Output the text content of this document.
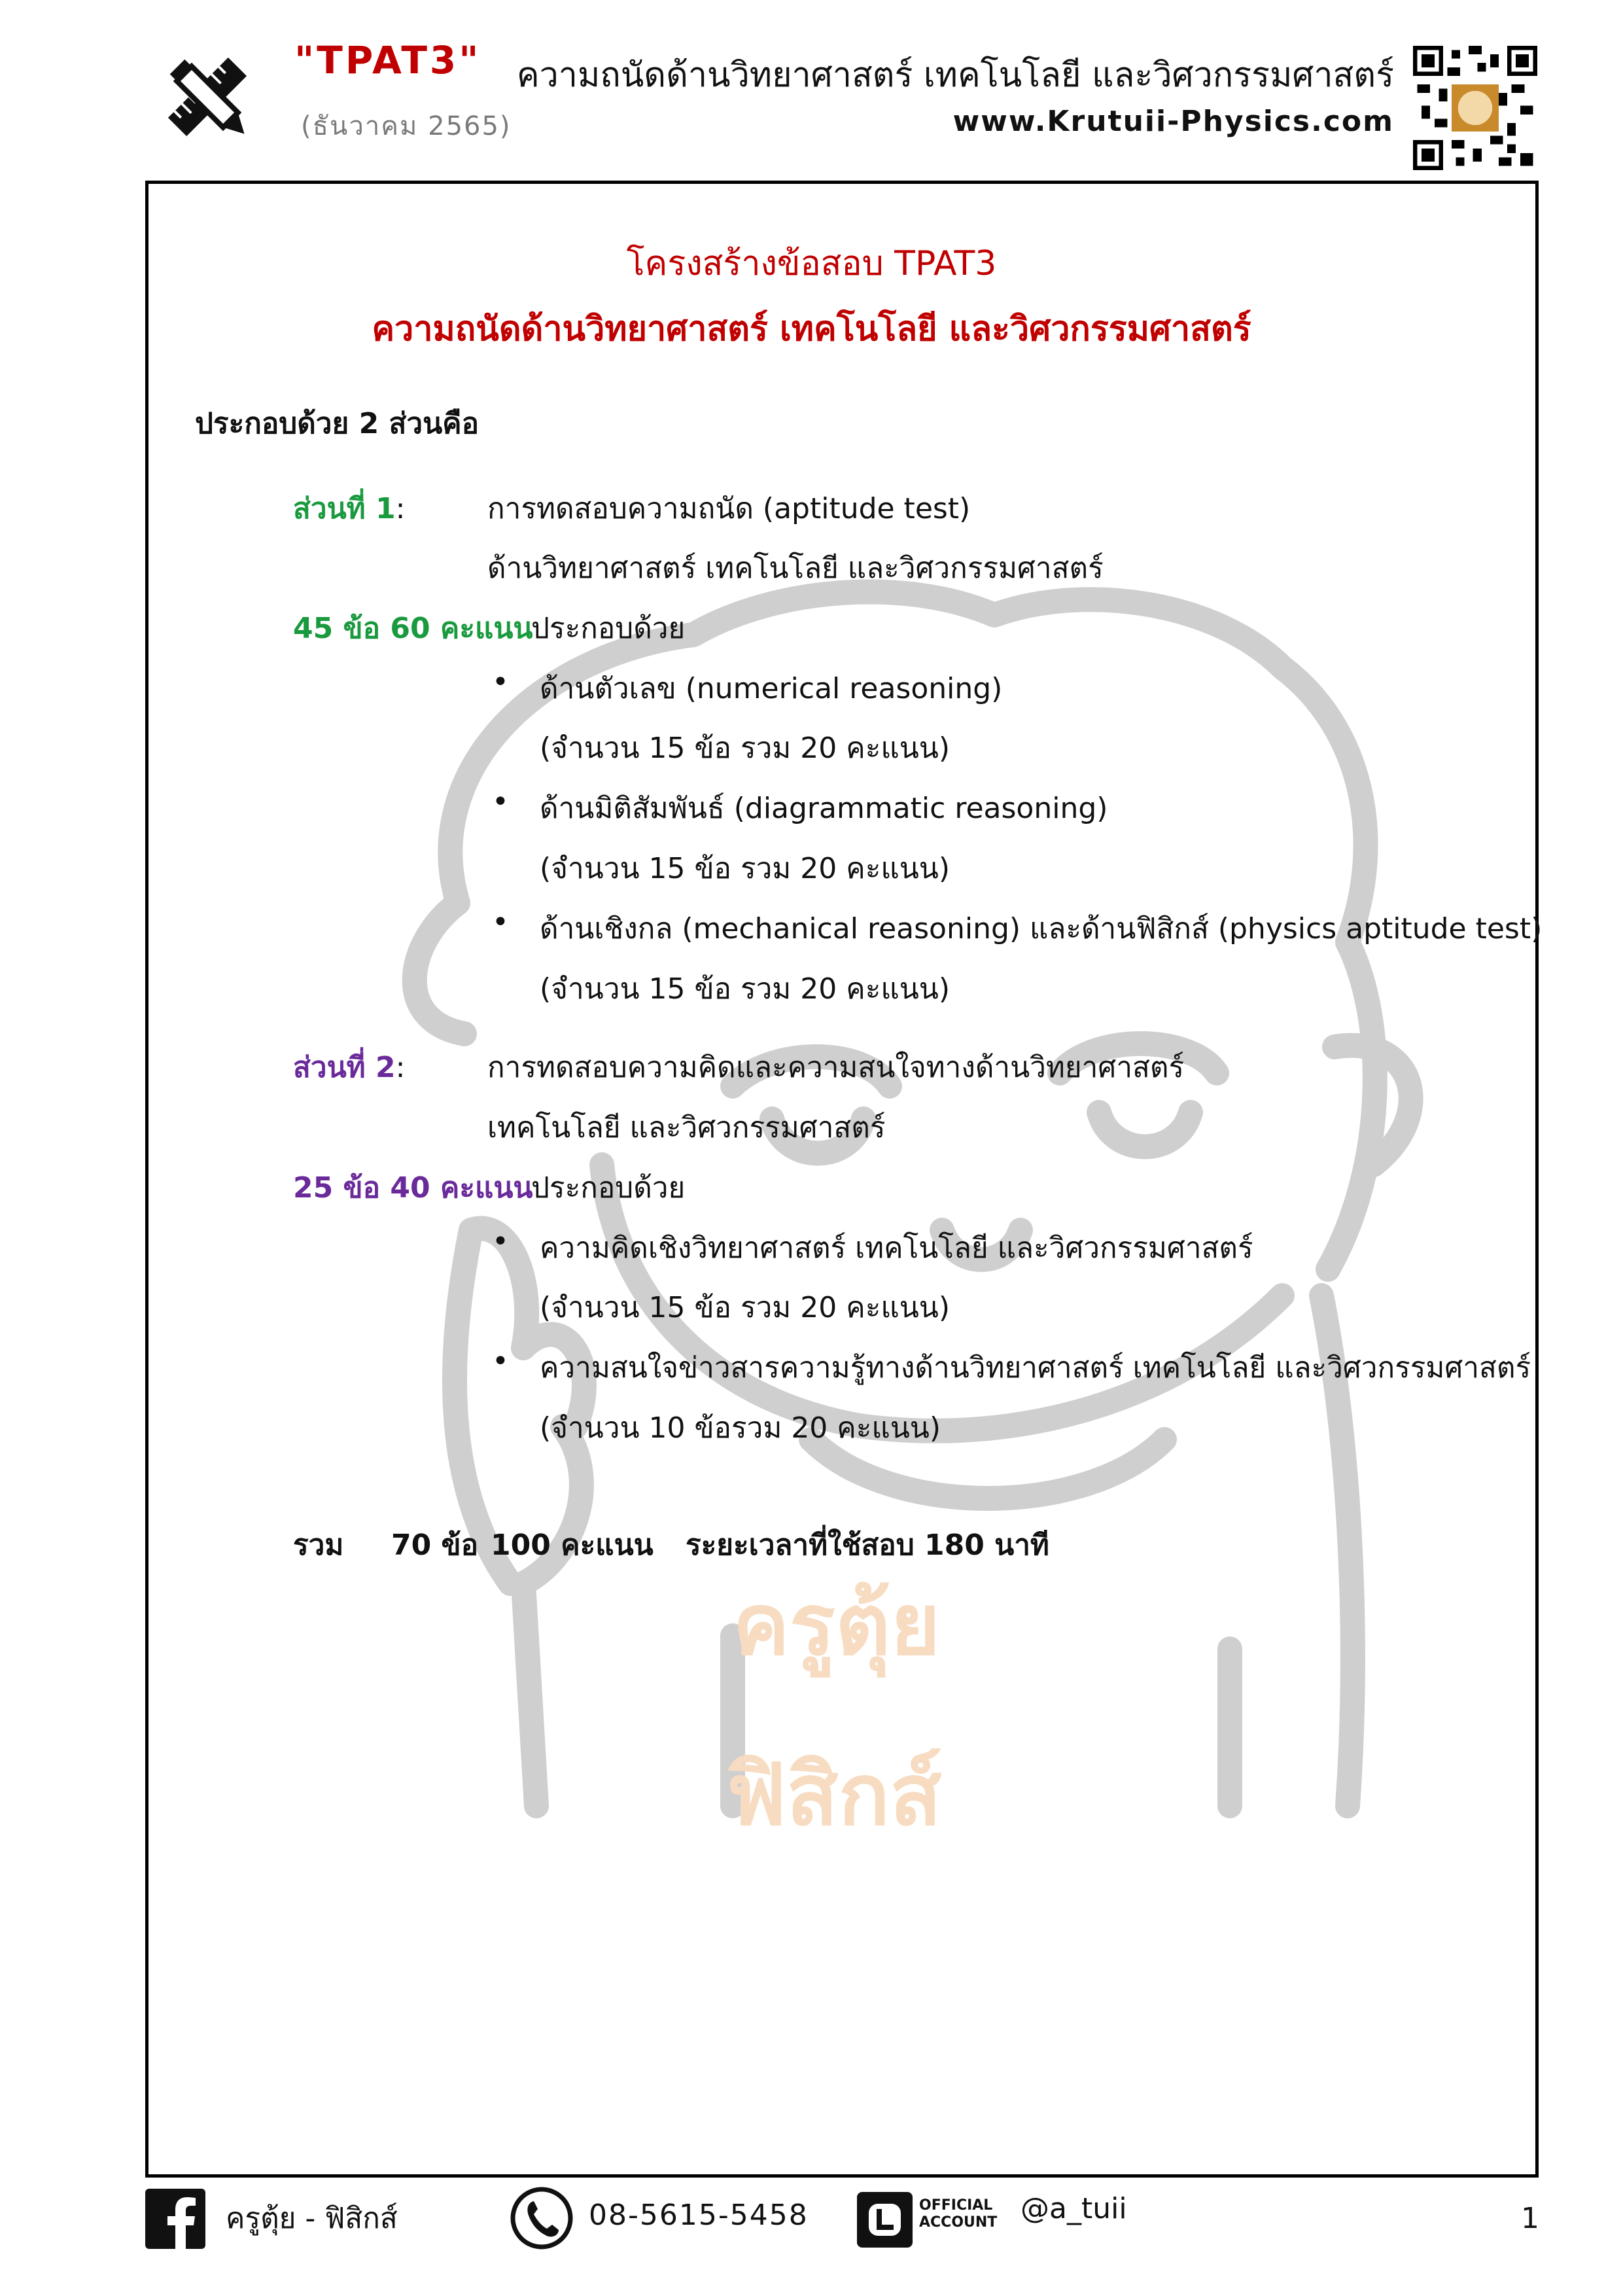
"TPAT3"
(ธันวาคม 2565)
ความถนัดด้านวิทยาศาสตร์ เทคโนโลยี และวิศวกรรมศาสตร์
www.Krutuii-Physics.com
ครูตุ้ย
ฟิสิกส์
โครงสร้างข้อสอบ TPAT3
ความถนัดด้านวิทยาศาสตร์ เทคโนโลยี และวิศวกรรมศาสตร์
ประกอบด้วย 2 ส่วนคือ
ส่วนที่ 1:	การทดสอบความถนัด (aptitude test)
ด้านวิทยาศาสตร์ เทคโนโลยี และวิศวกรรมศาสตร์
45 ข้อ 60 คะแนน
ประกอบด้วย
• ด้านตัวเลข (numerical reasoning)
(จำนวน 15 ข้อ รวม 20 คะแนน)
• ด้านมิติสัมพันธ์ (diagrammatic reasoning)
(จำนวน 15 ข้อ รวม 20 คะแนน)
• ด้านเชิงกล (mechanical reasoning) และด้านฟิสิกส์ (physics aptitude test)
(จำนวน 15 ข้อ รวม 20 คะแนน)
ส่วนที่ 2:	การทดสอบความคิดและความสนใจทางด้านวิทยาศาสตร์
เทคโนโลยี และวิศวกรรมศาสตร์
25 ข้อ 40 คะแนน
ประกอบด้วย
• ความคิดเชิงวิทยาศาสตร์ เทคโนโลยี และวิศวกรรมศาสตร์
(จำนวน 15 ข้อ รวม 20 คะแนน)
• ความสนใจข่าวสารความรู้ทางด้านวิทยาศาสตร์ เทคโนโลยี และวิศวกรรมศาสตร์
(จำนวน 10 ข้อรวม 20 คะแนน)
รวม 70 ข้อ 100 คะแนน ระยะเวลาที่ใช้สอบ 180 นาที
ครูตุ้ย - ฟิสิกส์	08-5615-5458	OFFICIAL
ACCOUNT @a_tuii	1
